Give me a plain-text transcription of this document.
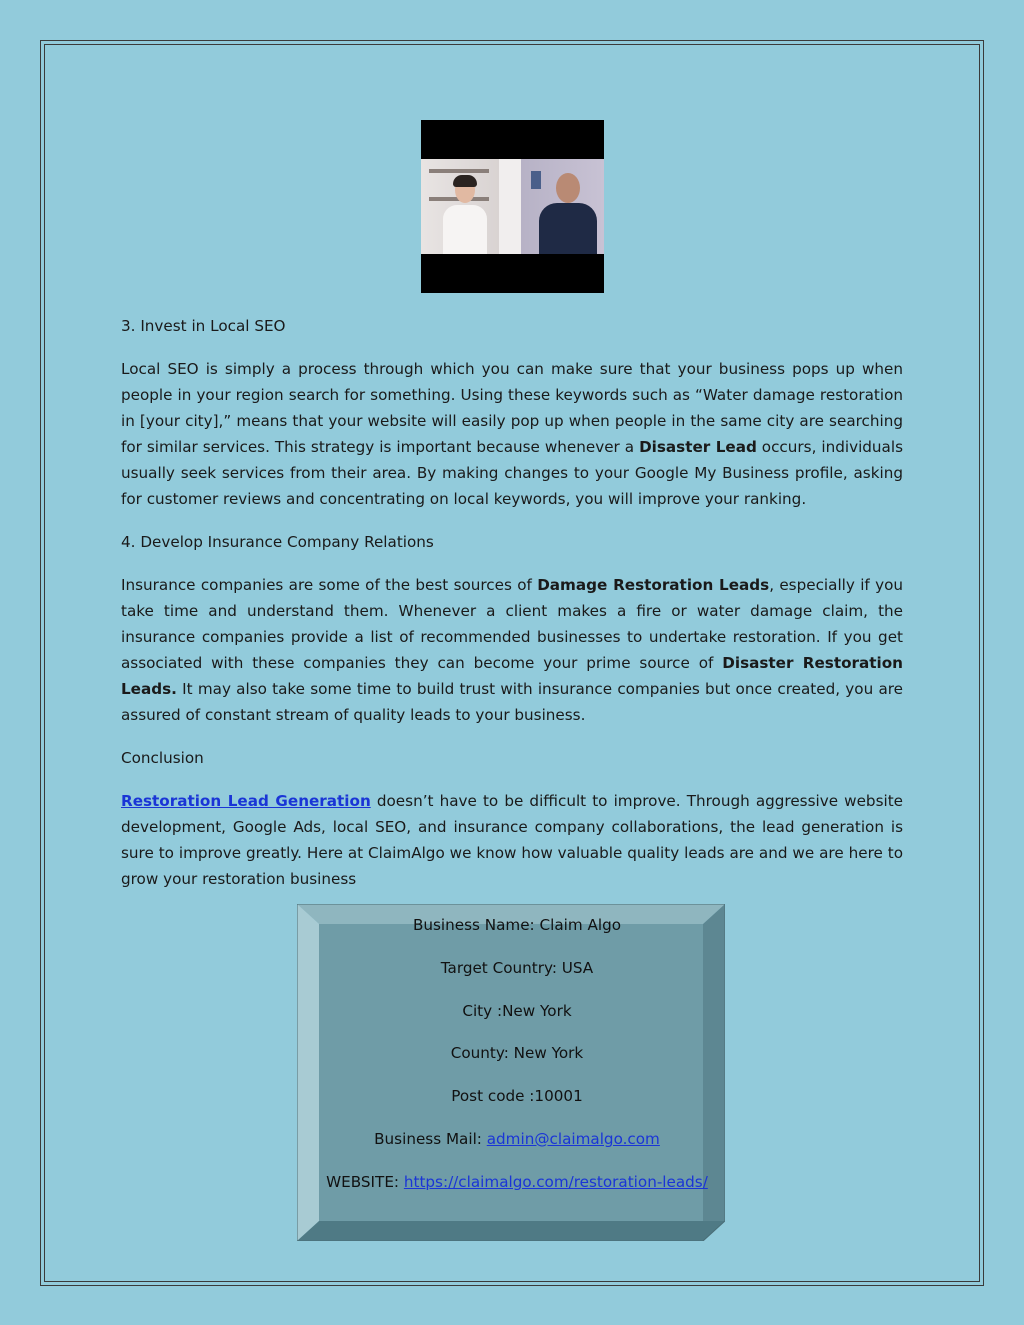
3. Invest in Local SEO

Local SEO is simply a process through which you can make sure that your business pops up when people in your region search for something. Using these keywords such as “Water damage restoration in [your city],” means that your website will easily pop up when people in the same city are searching for similar services. This strategy is important because whenever a Disaster Lead occurs, individuals usually seek services from their area. By making changes to your Google My Business profile, asking for customer reviews and concentrating on local keywords, you will improve your ranking.

4. Develop Insurance Company Relations

Insurance companies are some of the best sources of Damage Restoration Leads, especially if you take time and understand them. Whenever a client makes a fire or water damage claim, the insurance companies provide a list of recommended businesses to undertake restoration. If you get associated with these companies they can become your prime source of Disaster Restoration Leads. It may also take some time to build trust with insurance companies but once created, you are assured of constant stream of quality leads to your business.

Conclusion

Restoration Lead Generation doesn’t have to be difficult to improve. Through aggressive website development, Google Ads, local SEO, and insurance company collaborations, the lead generation is sure to improve greatly. Here at ClaimAlgo we know how valuable quality leads are and we are here to grow your restoration business

Business Name: Claim Algo
Target Country: USA
City :New York
County: New York
Post code :10001
Business Mail: admin@claimalgo.com
WEBSITE: https://claimalgo.com/restoration-leads/
